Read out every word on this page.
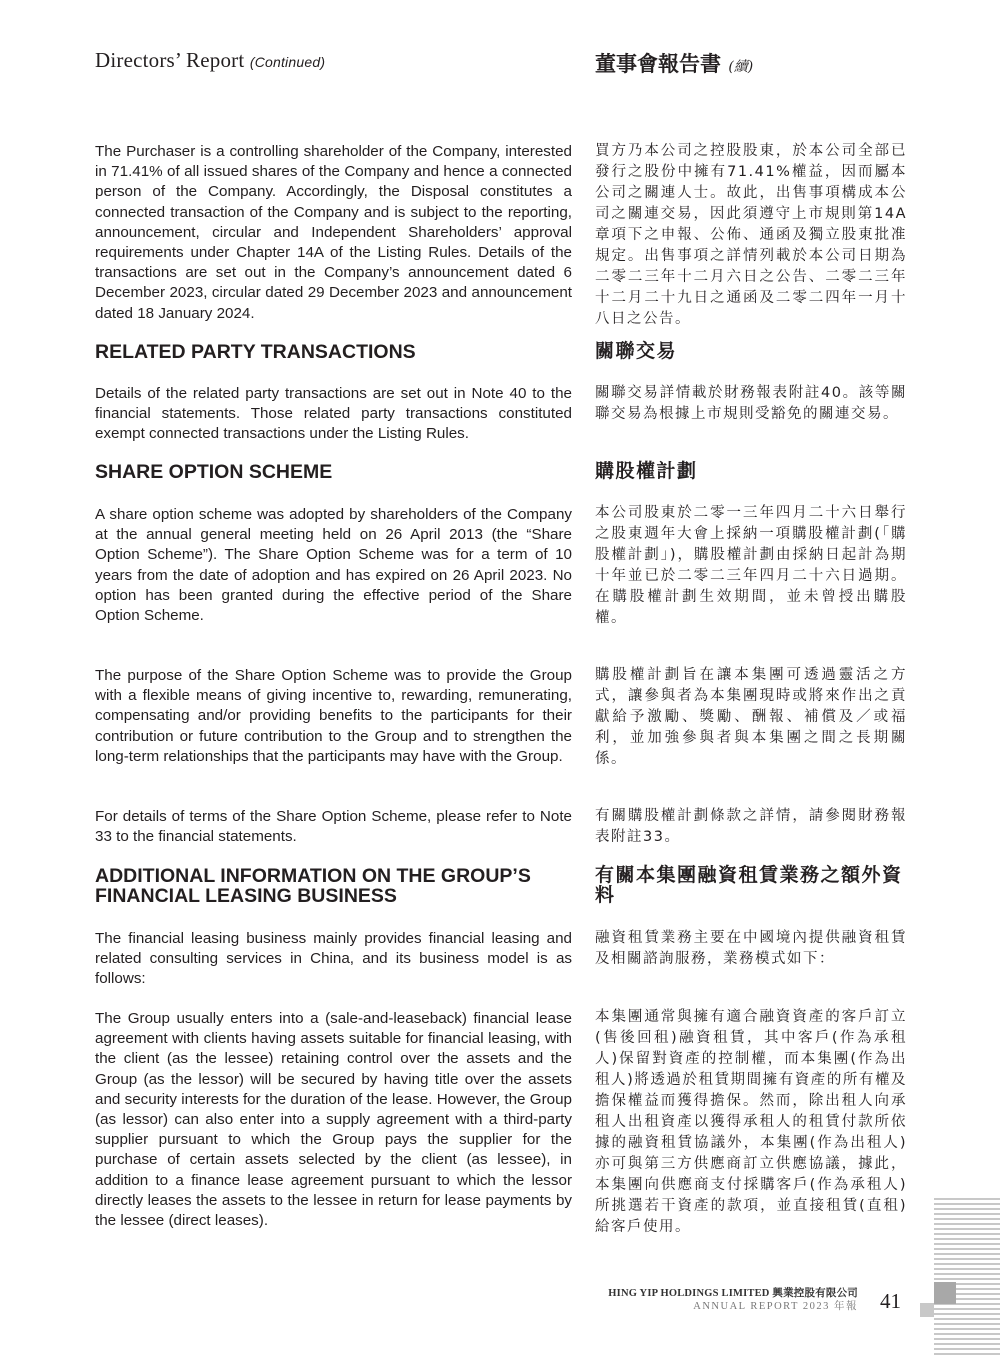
Directors’ Report (Continued)	董事會報告書 (續)

The Purchaser is a controlling shareholder of the Company, interested in 71.41% of all issued shares of the Company and hence a connected person of the Company. Accordingly, the Disposal constitutes a connected transaction of the Company and is subject to the reporting, announcement, circular and Independent Shareholders’ approval requirements under Chapter 14A of the Listing Rules. Details of the transactions are set out in the Company’s announcement dated 6 December 2023, circular dated 29 December 2023 and announcement dated 18 January 2024.

買方乃本公司之控股股東，於本公司全部已發行之股份中擁有71.41%權益，因而屬本公司之關連人士。故此，出售事項構成本公司之關連交易，因此須遵守上市規則第14A章項下之申報、公佈、通函及獨立股東批准規定。出售事項之詳情列載於本公司日期為二零二三年十二月六日之公告、二零二三年十二月二十九日之通函及二零二四年一月十八日之公告。

RELATED PARTY TRANSACTIONS	關聯交易

Details of the related party transactions are set out in Note 40 to the financial statements. Those related party transactions constituted exempt connected transactions under the Listing Rules.

關聯交易詳情載於財務報表附註40。該等關聯交易為根據上市規則受豁免的關連交易。

SHARE OPTION SCHEME	購股權計劃

A share option scheme was adopted by shareholders of the Company at the annual general meeting held on 26 April 2013 (the “Share Option Scheme”). The Share Option Scheme was for a term of 10 years from the date of adoption and has expired on 26 April 2023. No option has been granted during the effective period of the Share Option Scheme.

本公司股東於二零一三年四月二十六日舉行之股東週年大會上採納一項購股權計劃(「購股權計劃」)，購股權計劃由採納日起計為期十年並已於二零二三年四月二十六日過期。在購股權計劃生效期間，並未曾授出購股權。

The purpose of the Share Option Scheme was to provide the Group with a flexible means of giving incentive to, rewarding, remunerating, compensating and/or providing benefits to the participants for their contribution or future contribution to the Group and to strengthen the long-term relationships that the participants may have with the Group.

購股權計劃旨在讓本集團可透過靈活之方式，讓參與者為本集團現時或將來作出之貢獻給予激勵、獎勵、酬報、補償及／或福利，並加強參與者與本集團之間之長期關係。

For details of terms of the Share Option Scheme, please refer to Note 33 to the financial statements.

有關購股權計劃條款之詳情，請參閱財務報表附註33。

ADDITIONAL INFORMATION ON THE GROUP’S FINANCIAL LEASING BUSINESS
有關本集團融資租賃業務之額外資料

The financial leasing business mainly provides financial leasing and related consulting services in China, and its business model is as follows:

融資租賃業務主要在中國境內提供融資租賃及相關諮詢服務，業務模式如下：

The Group usually enters into a (sale-and-leaseback) financial lease agreement with clients having assets suitable for financial leasing, with the client (as the lessee) retaining control over the assets and the Group (as the lessor) will be secured by having title over the assets and security interests for the duration of the lease. However, the Group (as lessor) can also enter into a supply agreement with a third-party supplier pursuant to which the Group pays the supplier for the purchase of certain assets selected by the client (as lessee), in addition to a finance lease agreement pursuant to which the lessor directly leases the assets to the lessee in return for lease payments by the lessee (direct leases).

本集團通常與擁有適合融資資產的客戶訂立(售後回租)融資租賃，其中客戶(作為承租人)保留對資產的控制權，而本集團(作為出租人)將透過於租賃期間擁有資產的所有權及擔保權益而獲得擔保。然而，除出租人向承租人出租資產以獲得承租人的租賃付款所依據的融資租賃協議外，本集團(作為出租人)亦可與第三方供應商訂立供應協議，據此，本集團向供應商支付採購客戶(作為承租人)所挑選若干資產的款項，並直接租賃(直租)給客戶使用。

HING YIP HOLDINGS LIMITED 興業控股有限公司
ANNUAL REPORT 2023 年報 41
